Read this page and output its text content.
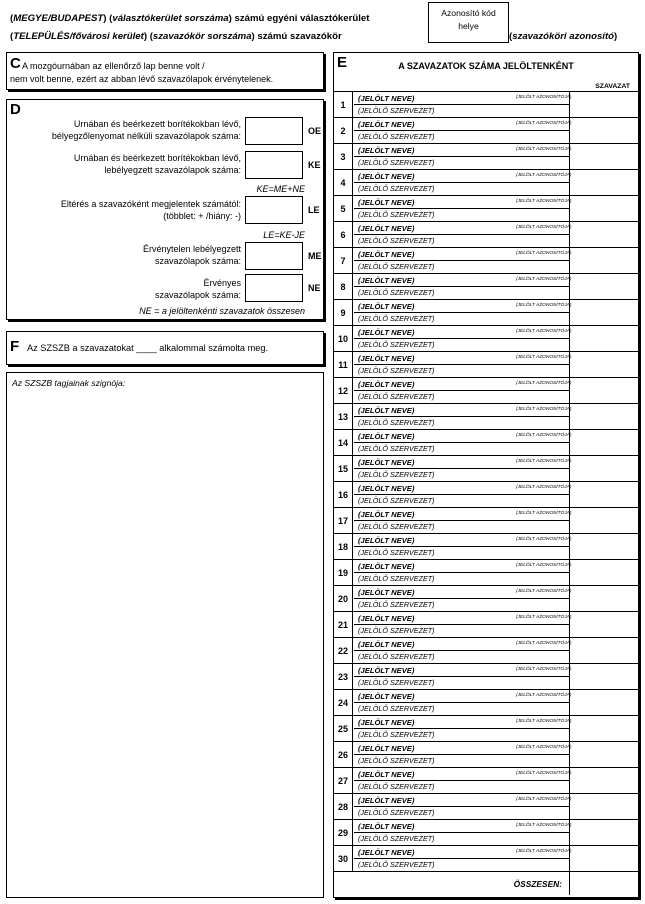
(MEGYE/BUDAPEST) (választókerület sorszáma) számú egyéni választókerület
(TELEPÜLÉS/fővárosi kerület) (szavazókör sorszáma) számú szavazókör
Azonosító kód
helye
(szavazóköri azonosító)
C A mozgóurnában az ellenőrző lap benne volt /
nem volt benne, ezért az abban lévő szavazólapok érvénytelenek.
D
Urnában és beérkezett borítékokban lévő,
bélyegzőlenyomat nélküli szavazólapok száma:	OE
Urnában és beérkezett borítékokban lévő,
lebélyegzett szavazólapok száma:	KE
KE=ME+NE
Eltérés a szavazóként megjelentek számától:
(többlet: + /hiány: -)
LE
LE=KE-JE
Érvénytelen lebélyegzett
szavazólapok száma:	ME
Érvényes
szavazólapok száma:
NE
NE = a jelöltenkénti szavazatok összesen
F Az SZSZB a szavazatokat ____ alkalommal számolta meg.
Az SZSZB tagjainak szignója:
E	A SZAVAZATOK SZÁMA JELÖLTENKÉNT
SZAVAZAT
1
(JELÖLT NEVE)	(JELÖLT AZONOSÍTÓJA)
(JELÖLŐ SZERVEZET)
2
(JELÖLT NEVE)	(JELÖLT AZONOSÍTÓJA)
(JELÖLŐ SZERVEZET)
3
(JELÖLT NEVE)	(JELÖLT AZONOSÍTÓJA)
(JELÖLŐ SZERVEZET)
4
(JELÖLT NEVE)	(JELÖLT AZONOSÍTÓJA)
(JELÖLŐ SZERVEZET)
5
(JELÖLT NEVE)	(JELÖLT AZONOSÍTÓJA)
(JELÖLŐ SZERVEZET)
6
(JELÖLT NEVE)	(JELÖLT AZONOSÍTÓJA)
(JELÖLŐ SZERVEZET)
7
(JELÖLT NEVE)	(JELÖLT AZONOSÍTÓJA)
(JELÖLŐ SZERVEZET)
8
(JELÖLT NEVE)	(JELÖLT AZONOSÍTÓJA)
(JELÖLŐ SZERVEZET)
9
(JELÖLT NEVE)	(JELÖLT AZONOSÍTÓJA)
(JELÖLŐ SZERVEZET)
10
(JELÖLT NEVE)	(JELÖLT AZONOSÍTÓJA)
(JELÖLŐ SZERVEZET)
11
(JELÖLT NEVE)	(JELÖLT AZONOSÍTÓJA)
(JELÖLŐ SZERVEZET)
12
(JELÖLT NEVE)	(JELÖLT AZONOSÍTÓJA)
(JELÖLŐ SZERVEZET)
13
(JELÖLT NEVE)	(JELÖLT AZONOSÍTÓJA)
(JELÖLŐ SZERVEZET)
14
(JELÖLT NEVE)	(JELÖLT AZONOSÍTÓJA)
(JELÖLŐ SZERVEZET)
15
(JELÖLT NEVE)	(JELÖLT AZONOSÍTÓJA)
(JELÖLŐ SZERVEZET)
16
(JELÖLT NEVE)	(JELÖLT AZONOSÍTÓJA)
(JELÖLŐ SZERVEZET)
17
(JELÖLT NEVE)	(JELÖLT AZONOSÍTÓJA)
(JELÖLŐ SZERVEZET)
18
(JELÖLT NEVE)	(JELÖLT AZONOSÍTÓJA)
(JELÖLŐ SZERVEZET)
19
(JELÖLT NEVE)	(JELÖLT AZONOSÍTÓJA)
(JELÖLŐ SZERVEZET)
20
(JELÖLT NEVE)	(JELÖLT AZONOSÍTÓJA)
(JELÖLŐ SZERVEZET)
21
(JELÖLT NEVE)	(JELÖLT AZONOSÍTÓJA)
(JELÖLŐ SZERVEZET)
22
(JELÖLT NEVE)	(JELÖLT AZONOSÍTÓJA)
(JELÖLŐ SZERVEZET)
23
(JELÖLT NEVE)	(JELÖLT AZONOSÍTÓJA)
(JELÖLŐ SZERVEZET)
24
(JELÖLT NEVE)	(JELÖLT AZONOSÍTÓJA)
(JELÖLŐ SZERVEZET)
25
(JELÖLT NEVE)	(JELÖLT AZONOSÍTÓJA)
(JELÖLŐ SZERVEZET)
26
(JELÖLT NEVE)	(JELÖLT AZONOSÍTÓJA)
(JELÖLŐ SZERVEZET)
27
(JELÖLT NEVE)	(JELÖLT AZONOSÍTÓJA)
(JELÖLŐ SZERVEZET)
28
(JELÖLT NEVE)	(JELÖLT AZONOSÍTÓJA)
(JELÖLŐ SZERVEZET)
29
(JELÖLT NEVE)	(JELÖLT AZONOSÍTÓJA)
(JELÖLŐ SZERVEZET)
30
(JELÖLT NEVE)	(JELÖLT AZONOSÍTÓJA)
(JELÖLŐ SZERVEZET)
ÖSSZESEN:
8
